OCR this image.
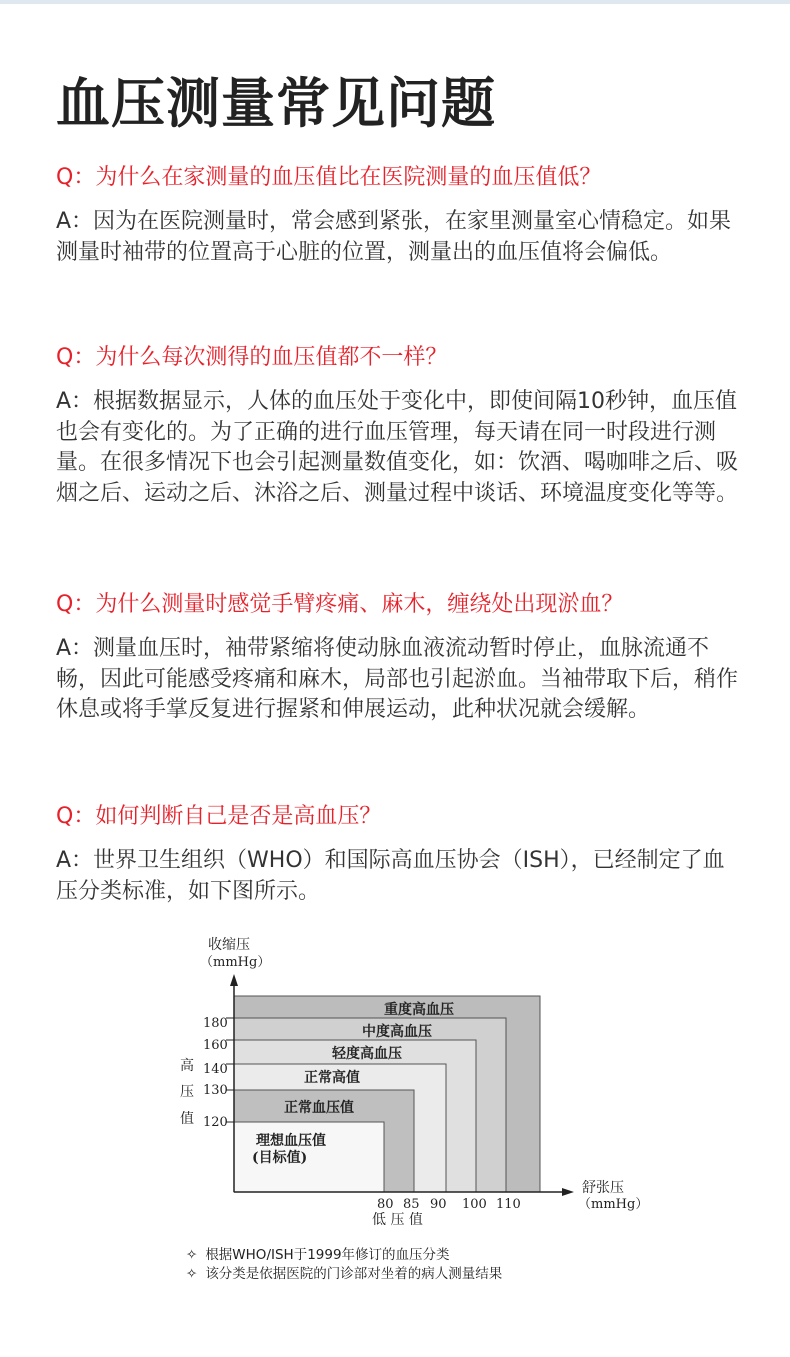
血压测量常见问题

Q：为什么在家测量的血压值比在医院测量的血压值低？

A：因为在医院测量时，常会感到紧张，在家里测量室心情稳定。如果测量时袖带的位置高于心脏的位置，测量出的血压值将会偏低。

Q：为什么每次测得的血压值都不一样？

A：根据数据显示，人体的血压处于变化中，即使间隔10秒钟，血压值也会有变化的。为了正确的进行血压管理，每天请在同一时段进行测量。在很多情况下也会引起测量数值变化，如：饮酒、喝咖啡之后、吸烟之后、运动之后、沐浴之后、测量过程中谈话、环境温度变化等等。

Q：为什么测量时感觉手臂疼痛、麻木，缠绕处出现淤血？

A：测量血压时，袖带紧缩将使动脉血液流动暂时停止，血脉流通不畅，因此可能感受疼痛和麻木，局部也引起淤血。当袖带取下后，稍作休息或将手掌反复进行握紧和伸展运动，此种状况就会缓解。

Q：如何判断自己是否是高血压？

A：世界卫生组织（WHO）和国际高血压协会（ISH），已经制定了血压分类标准，如下图所示。

收缩压
（mmHg）
180
160
140
130
120
高
压
值
80 85 90 100 110
低 压 值
舒张压
（mmHg）
重度高血压
中度高血压
轻度高血压
正常高值
正常血压值
理想血压值
(目标值)
✧ 根据WHO/ISH于1999年修订的血压分类
✧ 该分类是依据医院的门诊部对坐着的病人测量结果
